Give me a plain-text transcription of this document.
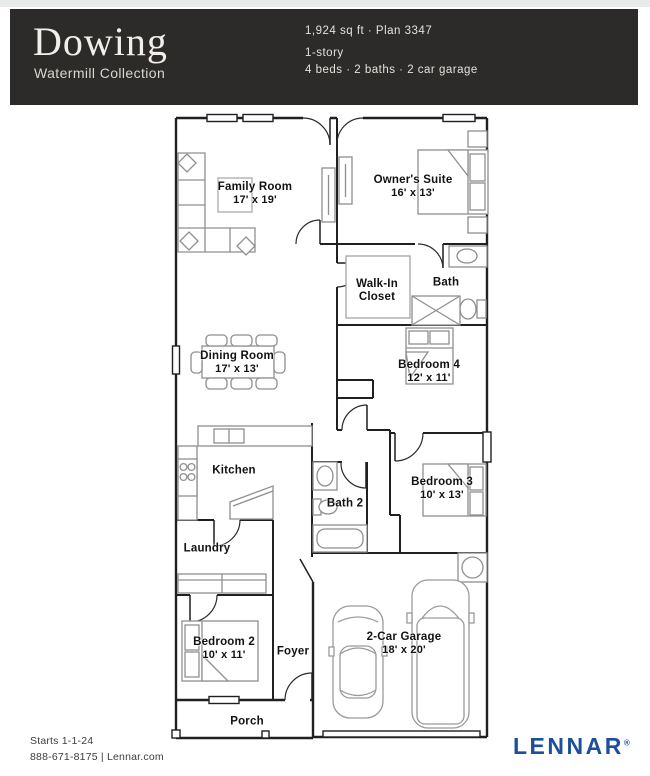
Dowing
Watermill Collection
1,924 sq ft · Plan 3347
1-story
4 beds · 2 baths · 2 car garage
Family Room
17' x 19'
Owner's Suite
16' x 13'
Walk-In
Closet
Bath
Dining Room
17' x 13'	Bedroom 4
12' x 11'
Kitchen
Bath 2
Bedroom 3
10' x 13'
Laundry
Bedroom 2
10' x 11'	Foyer
2-Car Garage
18' x 20'
Porch
Starts 1-1-24
888-671-8175 | Lennar.com	LENNAR®
